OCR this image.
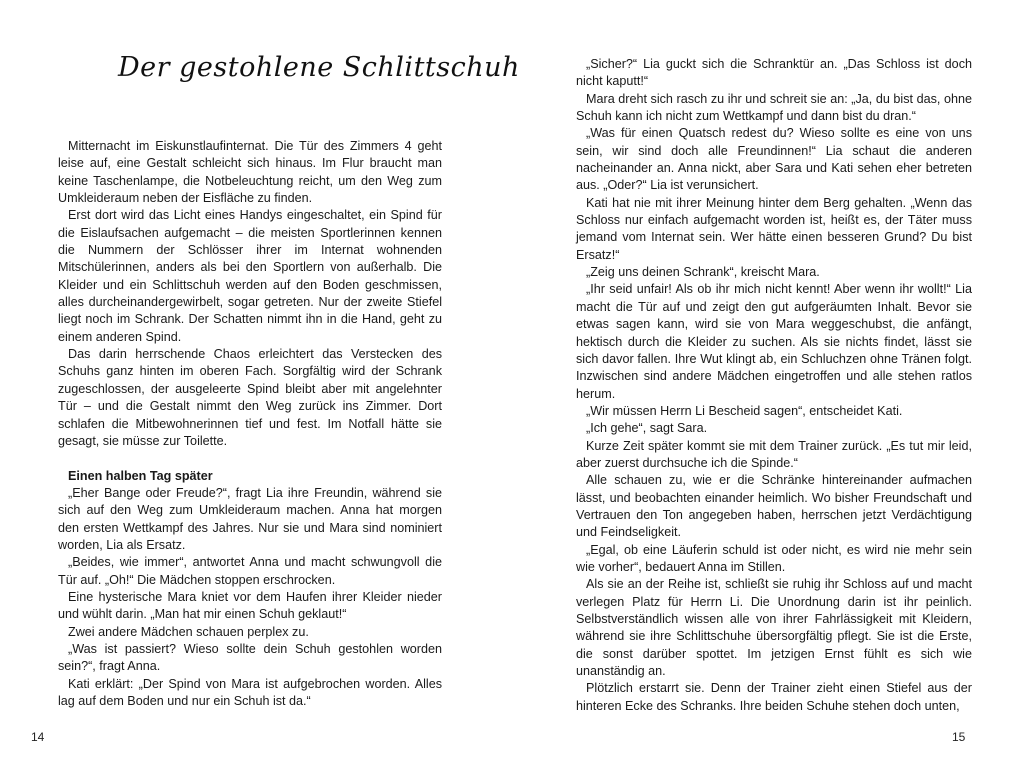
Der gestohlene Schlittschuh

Mitternacht im Eiskunstlaufinternat. Die Tür des Zimmers 4 geht leise auf, eine Gestalt schleicht sich hinaus. Im Flur braucht man keine Taschenlampe, die Notbeleuchtung reicht, um den Weg zum Umkleideraum neben der Eisfläche zu finden.

Erst dort wird das Licht eines Handys eingeschaltet, ein Spind für die Eislaufsachen aufgemacht – die meisten Sportlerinnen kennen die Nummern der Schlösser ihrer im Internat wohnenden Mitschülerinnen, anders als bei den Sportlern von außerhalb. Die Kleider und ein Schlittschuh werden auf den Boden geschmissen, alles durcheinandergewirbelt, sogar getreten. Nur der zweite Stiefel liegt noch im Schrank. Der Schatten nimmt ihn in die Hand, geht zu einem anderen Spind.

Das darin herrschende Chaos erleichtert das Verstecken des Schuhs ganz hinten im oberen Fach. Sorgfältig wird der Schrank zugeschlossen, der ausgeleerte Spind bleibt aber mit angelehnter Tür – und die Gestalt nimmt den Weg zurück ins Zimmer. Dort schlafen die Mitbewohnerinnen tief und fest. Im Notfall hätte sie gesagt, sie müsse zur Toilette.

Einen halben Tag später

„Eher Bange oder Freude?“, fragt Lia ihre Freundin, während sie sich auf den Weg zum Umkleideraum machen. Anna hat morgen den ersten Wettkampf des Jahres. Nur sie und Mara sind nominiert worden, Lia als Ersatz.

„Beides, wie immer“, antwortet Anna und macht schwungvoll die Tür auf. „Oh!“ Die Mädchen stoppen erschrocken.

Eine hysterische Mara kniet vor dem Haufen ihrer Kleider nieder und wühlt darin. „Man hat mir einen Schuh geklaut!“

Zwei andere Mädchen schauen perplex zu.

„Was ist passiert? Wieso sollte dein Schuh gestohlen worden sein?“, fragt Anna.

Kati erklärt: „Der Spind von Mara ist aufgebrochen worden. Alles lag auf dem Boden und nur ein Schuh ist da.“

14

„Sicher?“ Lia guckt sich die Schranktür an. „Das Schloss ist doch nicht kaputt!“

Mara dreht sich rasch zu ihr und schreit sie an: „Ja, du bist das, ohne Schuh kann ich nicht zum Wettkampf und dann bist du dran.“

„Was für einen Quatsch redest du? Wieso sollte es eine von uns sein, wir sind doch alle Freundinnen!“ Lia schaut die anderen nacheinander an. Anna nickt, aber Sara und Kati sehen eher betreten aus. „Oder?“ Lia ist verunsichert.

Kati hat nie mit ihrer Meinung hinter dem Berg gehalten. „Wenn das Schloss nur einfach aufgemacht worden ist, heißt es, der Täter muss jemand vom Internat sein. Wer hätte einen besseren Grund? Du bist Ersatz!“

„Zeig uns deinen Schrank“, kreischt Mara.

„Ihr seid unfair! Als ob ihr mich nicht kennt! Aber wenn ihr wollt!“ Lia macht die Tür auf und zeigt den gut aufgeräumten Inhalt. Bevor sie etwas sagen kann, wird sie von Mara weggeschubst, die anfängt, hektisch durch die Kleider zu suchen. Als sie nichts findet, lässt sie sich davor fallen. Ihre Wut klingt ab, ein Schluchzen ohne Tränen folgt. Inzwischen sind andere Mädchen eingetroffen und alle stehen ratlos herum.

„Wir müssen Herrn Li Bescheid sagen“, entscheidet Kati.

„Ich gehe“, sagt Sara.

Kurze Zeit später kommt sie mit dem Trainer zurück. „Es tut mir leid, aber zuerst durchsuche ich die Spinde.“

Alle schauen zu, wie er die Schränke hintereinander aufmachen lässt, und beobachten einander heimlich. Wo bisher Freundschaft und Vertrauen den Ton angegeben haben, herrschen jetzt Verdächtigung und Feindseligkeit.

„Egal, ob eine Läuferin schuld ist oder nicht, es wird nie mehr sein wie vorher“, bedauert Anna im Stillen.

Als sie an der Reihe ist, schließt sie ruhig ihr Schloss auf und macht verlegen Platz für Herrn Li. Die Unordnung darin ist ihr peinlich. Selbstverständlich wissen alle von ihrer Fahrlässigkeit mit Kleidern, während sie ihre Schlittschuhe übersorgfältig pflegt. Sie ist die Erste, die sonst darüber spottet. Im jetzigen Ernst fühlt es sich wie unanständig an.

Plötzlich erstarrt sie. Denn der Trainer zieht einen Stiefel aus der hinteren Ecke des Schranks. Ihre beiden Schuhe stehen doch unten,

15
